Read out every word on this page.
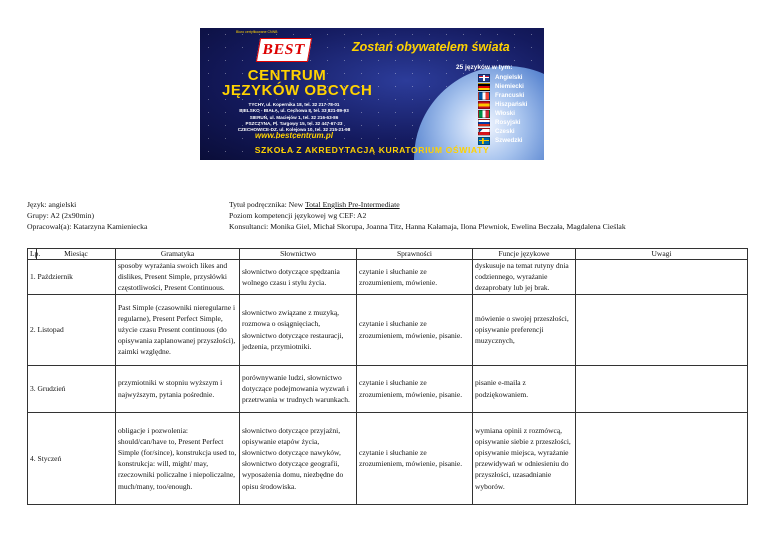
Biuro certyfikowane CNNB
BEST	Zostań obywatelem świata
CENTRUM
JĘZYKÓW OBCYCH
TYCHY, ul. Kopernika 18, tel. 32 217-78-01
BIELSKO - BIAŁA, ul. Cechowa 8, tel. 33 821-89-93
SIERUŃ, ul. Maciejów 1, tel. 32 216-63-86
PSZCZYNA, Pl. Targowy 15, tel. 32 447-67-23
CZECHOWICE-DZ. ul. Kolejowa 10, tel. 32 215-21-98
www.bestcentrum.pl
25 języków w tym:
Angielski
Niemiecki
Francuski
Hiszpański
Włoski
Rosyjski
Czeski
Szwedzki
SZKOŁA Z AKREDYTACJĄ KURATORIUM OŚWIATY
Język: angielski
Grupy: A2 (2x90min)
Opracował(a): Katarzyna Kamieniecka
Tytuł podręcznika: New Total English Pre-Intermediate
Poziom kompetencji językowej wg CEF: A2
Konsultanci: Monika Giel, Michał Skorupa, Joanna Titz, Hanna Kałamaja, Ilona Plewniok, Ewelina Beczała, Magdalena Cieślak
Lp.	Miesiąc	Gramatyka	Słownictwo	Sprawności	Funcje językowe	Uwagi
1. Październik		sposoby wyrażania swoich likes and dislikes, Present Simple, przysłówki częstotliwości, Present Continuous.	słownictwo dotyczące spędzania wolnego czasu i stylu życia.	czytanie i słuchanie ze zrozumieniem, mówienie.	dyskusuje na temat rutyny dnia codziennego, wyrażanie dezaprobaty lub jej brak.	
2. Listopad		Past Simple (czasowniki nieregularne i regularne), Present Perfect Simple, użycie czasu Present continuous (do opisywania zaplanowanej przyszłości), zaimki względne.	słownictwo związane z muzyką, rozmowa o osiągnięciach, słownictwo dotyczące restauracji, jedzenia, przymiotniki.	czytanie i słuchanie ze zrozumieniem, mówienie, pisanie.	mówienie o swojej przeszłości, opisywanie preferencji muzycznych,	
3. Grudzień		przymiotniki w stopniu wyższym i najwyższym, pytania pośrednie.	porównywanie ludzi, słownictwo dotyczące podejmowania wyzwań i przetrwania w trudnych warunkach.	czytanie i słuchanie ze zrozumieniem, mówienie, pisanie.	pisanie e-maila z podziękowaniem.	
4. Styczeń		obligacje i pozwolenia: should/can/have to, Present Perfect Simple (for/since), konstrukcja used to, konstrukcja: will, might/ may, rzeczowniki policzalne i niepoliczalne, much/many, too/enough.	słownictwo dotyczące przyjaźni, opisywanie etapów życia, słownictwo dotyczące nawyków, słownictwo dotyczące geografii, wyposażenia domu, niezbędne do opisu środowiska.	czytanie i słuchanie ze zrozumieniem, mówienie, pisanie.	wymiana opinii z rozmówcą, opisywanie siebie z przeszłości, opisywanie miejsca, wyrażanie przewidywań w odniesieniu do przyszłości, uzasadnianie wyborów.	
